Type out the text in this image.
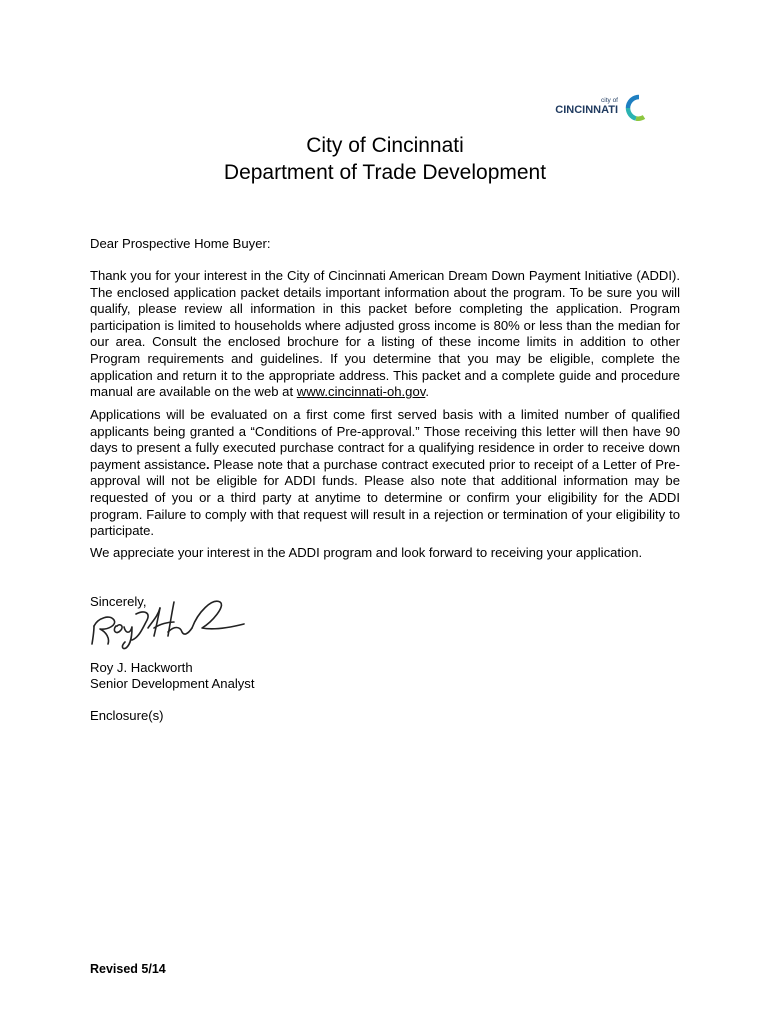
city of
CINCINNATI
City of Cincinnati
Department of Trade Development

Dear Prospective Home Buyer:

Thank you for your interest in the City of Cincinnati American Dream Down Payment Initiative (ADDI). The enclosed application packet details important information about the program. To be sure you will qualify, please review all information in this packet before completing the application. Program participation is limited to households where adjusted gross income is 80% or less than the median for our area. Consult the enclosed brochure for a listing of these income limits in addition to other Program requirements and guidelines. If you determine that you may be eligible, complete the application and return it to the appropriate address. This packet and a complete guide and procedure manual are available on the web at www.cincinnati-oh.gov.

Applications will be evaluated on a first come first served basis with a limited number of qualified applicants being granted a “Conditions of Pre-approval.” Those receiving this letter will then have 90 days to present a fully executed purchase contract for a qualifying residence in order to receive down payment assistance. Please note that a purchase contract executed prior to receipt of a Letter of Pre-approval will not be eligible for ADDI funds. Please also note that additional information may be requested of you or a third party at anytime to determine or confirm your eligibility for the ADDI program. Failure to comply with that request will result in a rejection or termination of your eligibility to participate.

We appreciate your interest in the ADDI program and look forward to receiving your application.

Sincerely,
Roy J. Hackworth
Senior Development Analyst
Enclosure(s)
Revised 5/14
